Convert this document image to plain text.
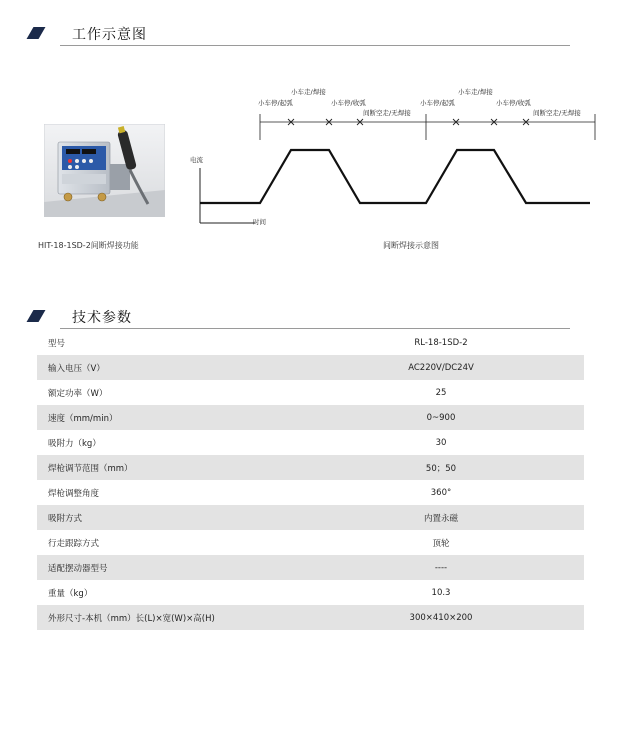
工作示意图
HIT-18-1SD-2间断焊接功能
电流
时间
小车走/焊接
小车停/起弧	小车停/收弧
间断空走/无焊接
小车走/焊接
小车停/起弧	小车停/收弧
间断空走/无焊接
间断焊接示意图
技术参数
型号	RL-18-1SD-2
输入电压（V）	AC220V/DC24V
额定功率（W）	25
速度（mm/min）	0~900
吸附力（kg）	30
焊枪调节范围（mm）	50；50
焊枪调整角度	360°
吸附方式	内置永磁
行走跟踪方式	顶轮
适配摆动器型号	----
重量（kg）	10.3
外形尺寸-本机（mm）长(L)×宽(W)×高(H)	300×410×200
